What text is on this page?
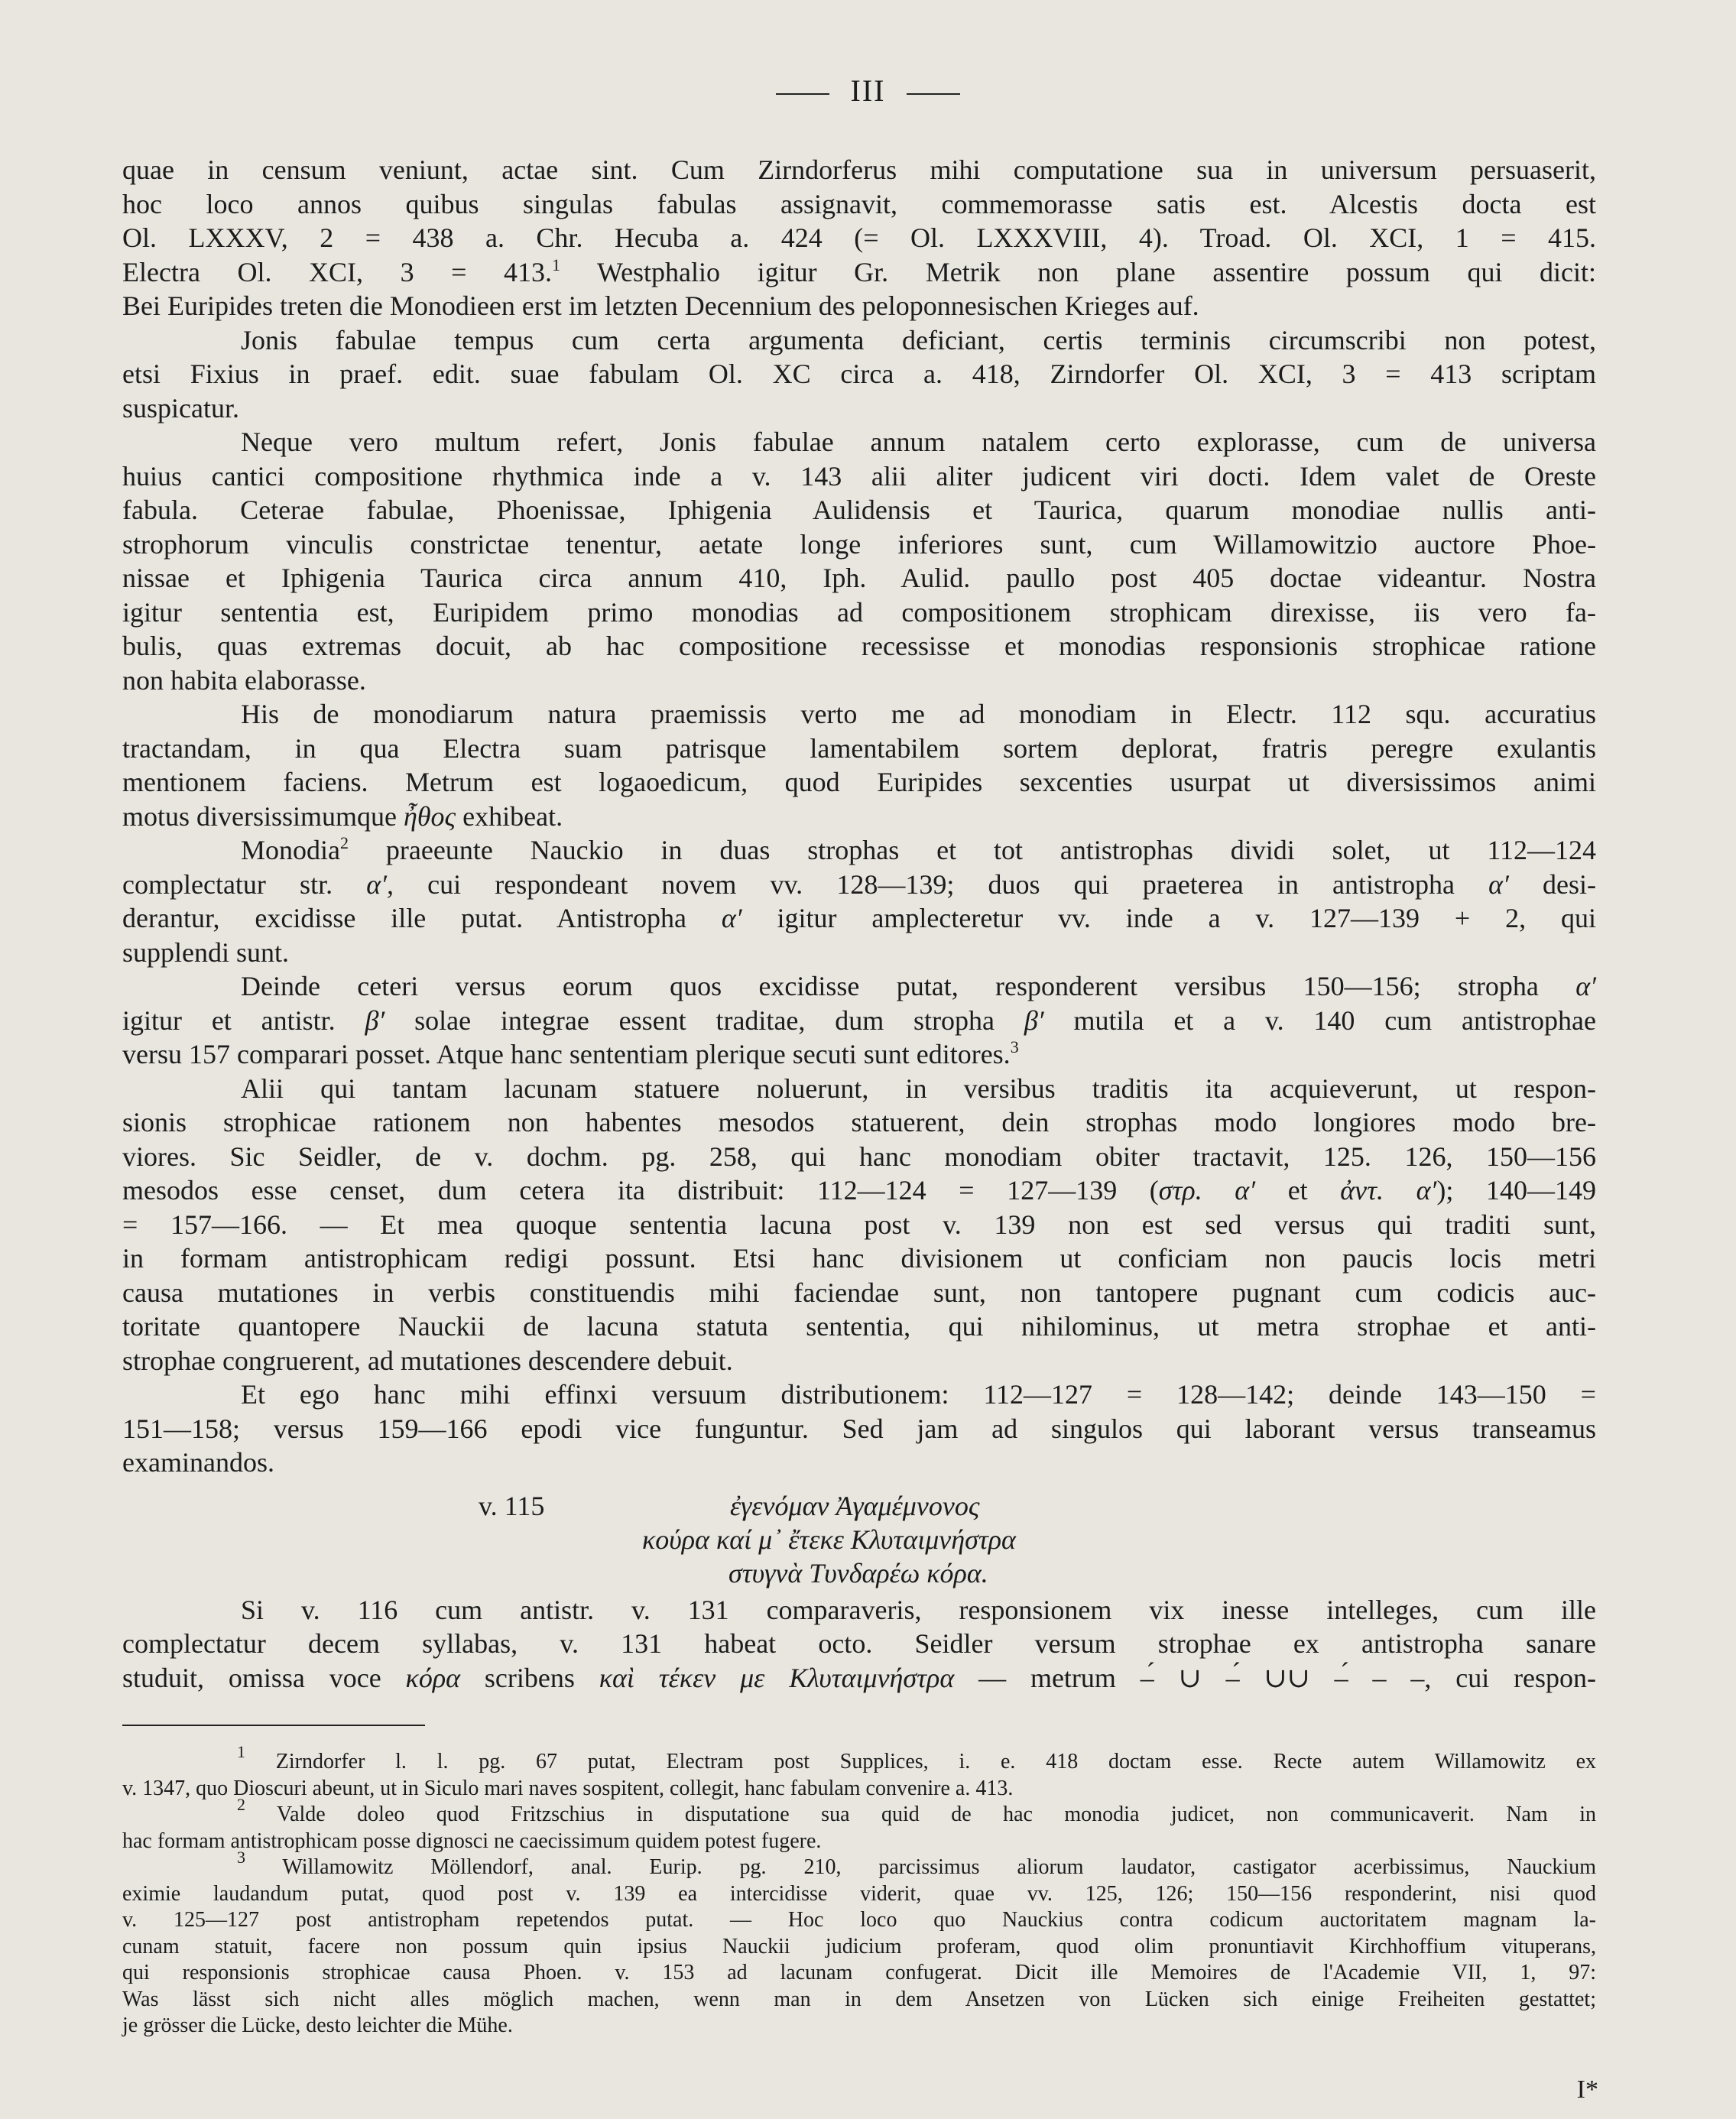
III
quae in censum veniunt, actae sint. Cum Zirndorferus mihi computatione sua in universum persuaserit,
hoc loco annos quibus singulas fabulas assignavit, commemorasse satis est. Alcestis docta est
Ol. LXXXV, 2 = 438 a. Chr. Hecuba a. 424 (= Ol. LXXXVIII, 4). Troad. Ol. XCI, 1 = 415.
Electra Ol. XCI, 3 = 413.$^1$ Westphalio igitur Gr. Metrik non plane assentire possum qui dicit:
Bei Euripides treten die Monodieen erst im letzten Decennium des peloponnesischen Krieges auf.
Jonis fabulae tempus cum certa argumenta deficiant, certis terminis circumscribi non potest,
etsi Fixius in praef. edit. suae fabulam Ol. XC circa a. 418, Zirndorfer Ol. XCI, 3 = 413 scriptam
suspicatur.
Neque vero multum refert, Jonis fabulae annum natalem certo explorasse, cum de universa
huius cantici compositione rhythmica inde a v. 143 alii aliter judicent viri docti. Idem valet de Oreste
fabula. Ceterae fabulae, Phoenissae, Iphigenia Aulidensis et Taurica, quarum monodiae nullis anti-
strophorum vinculis constrictae tenentur, aetate longe inferiores sunt, cum Willamowitzio auctore Phoe-
nissae et Iphigenia Taurica circa annum 410, Iph. Aulid. paullo post 405 doctae videantur. Nostra
igitur sententia est, Euripidem primo monodias ad compositionem strophicam direxisse, iis vero fa-
bulis, quas extremas docuit, ab hac compositione recessisse et monodias responsionis strophicae ratione
non habita elaborasse.
His de monodiarum natura praemissis verto me ad monodiam in Electr. 112 squ. accuratius
tractandam, in qua Electra suam patrisque lamentabilem sortem deplorat, fratris peregre exulantis
mentionem faciens. Metrum est logaoedicum, quod Euripides sexcenties usurpat ut diversissimos animi
motus diversissimumque ἦθος exhibeat.
Monodia$^2$ praeeunte Nauckio in duas strophas et tot antistrophas dividi solet, ut 112—124
complectatur str. α′, cui respondeant novem vv. 128—139; duos qui praeterea in antistropha α′ desi-
derantur, excidisse ille putat. Antistropha α′ igitur amplecteretur vv. inde a v. 127—139 + 2, qui
supplendi sunt.
Deinde ceteri versus eorum quos excidisse putat, responderent versibus 150—156; stropha α′
igitur et antistr. β′ solae integrae essent traditae, dum stropha β′ mutila et a v. 140 cum antistrophae
versu 157 comparari posset. Atque hanc sententiam plerique secuti sunt editores.$^3$
Alii qui tantam lacunam statuere noluerunt, in versibus traditis ita acquieverunt, ut respon-
sionis strophicae rationem non habentes mesodos statuerent, dein strophas modo longiores modo bre-
viores. Sic Seidler, de v. dochm. pg. 258, qui hanc monodiam obiter tractavit, 125. 126, 150—156
mesodos esse censet, dum cetera ita distribuit: 112—124 = 127—139 (στρ. α′ et ἀντ. α′); 140—149
= 157—166. — Et mea quoque sententia lacuna post v. 139 non est sed versus qui traditi sunt,
in formam antistrophicam redigi possunt. Etsi hanc divisionem ut conficiam non paucis locis metri
causa mutationes in verbis constituendis mihi faciendae sunt, non tantopere pugnant cum codicis auc-
toritate quantopere Nauckii de lacuna statuta sententia, qui nihilominus, ut metra strophae et anti-
strophae congruerent, ad mutationes descendere debuit.
Et ego hanc mihi effinxi versuum distributionem: 112—127 = 128—142; deinde 143—150 =
151—158; versus 159—166 epodi vice funguntur. Sed jam ad singulos qui laborant versus transeamus
examinandos.
v. 115	ἐγενόμαν Ἀγαμέμνονος
κούρα καί μ᾽ ἔτεκε Κλυταιμνήστρα
στυγνὰ Τυνδαρέω κόρα.
Si v. 116 cum antistr. v. 131 comparaveris, responsionem vix inesse intelleges, cum ille
complectatur decem syllabas, v. 131 habeat octo. Seidler versum strophae ex antistropha sanare
studuit, omissa voce κόρα scribens καὶ τέκεν με Κλυταιμνήστρα — metrum –́ ∪ –́ ∪∪ –́ – –, cui respon-
$^1$ Zirndorfer l. l. pg. 67 putat, Electram post Supplices, i. e. 418 doctam esse. Recte autem Willamowitz ex
v. 1347, quo Dioscuri abeunt, ut in Siculo mari naves sospitent, collegit, hanc fabulam convenire a. 413.
$^2$ Valde doleo quod Fritzschius in disputatione sua quid de hac monodia judicet, non communicaverit. Nam in
hac formam antistrophicam posse dignosci ne caecissimum quidem potest fugere.
$^3$ Willamowitz Möllendorf, anal. Eurip. pg. 210, parcissimus aliorum laudator, castigator acerbissimus, Nauckium
eximie laudandum putat, quod post v. 139 ea intercidisse viderit, quae vv. 125, 126; 150—156 responderint, nisi quod
v. 125—127 post antistropham repetendos putat. — Hoc loco quo Nauckius contra codicum auctoritatem magnam la-
cunam statuit, facere non possum quin ipsius Nauckii judicium proferam, quod olim pronuntiavit Kirchhoffium vituperans,
qui responsionis strophicae causa Phoen. v. 153 ad lacunam confugerat. Dicit ille Memoires de l'Academie VII, 1, 97:
Was lässt sich nicht alles möglich machen, wenn man in dem Ansetzen von Lücken sich einige Freiheiten gestattet;
je grösser die Lücke, desto leichter die Mühe.
I*
